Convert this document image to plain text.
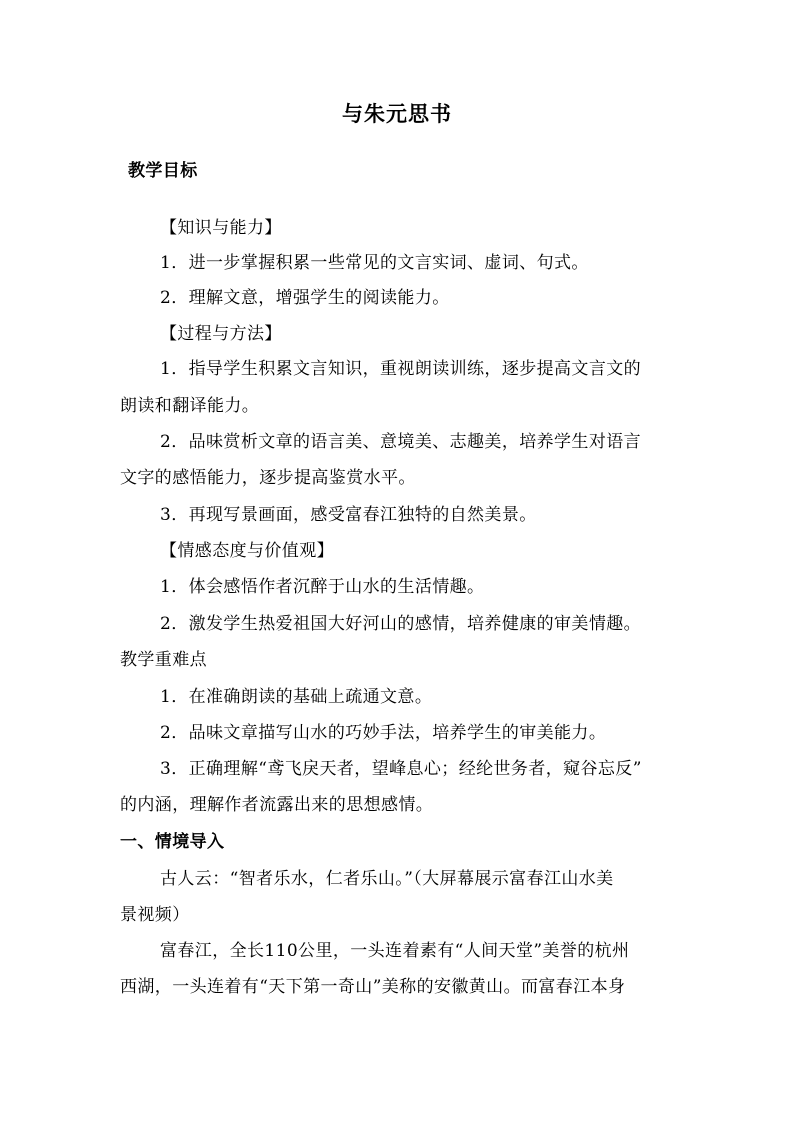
与朱元思书
教学目标
【知识与能力】
1．进一步掌握积累一些常见的文言实词、虚词、句式。
2．理解文意，增强学生的阅读能力。
【过程与方法】
1．指导学生积累文言知识，重视朗读训练，逐步提高文言文的
朗读和翻译能力。
2．品味赏析文章的语言美、意境美、志趣美，培养学生对语言
文字的感悟能力，逐步提高鉴赏水平。
3．再现写景画面，感受富春江独特的自然美景。
【情感态度与价值观】
1．体会感悟作者沉醉于山水的生活情趣。
2．激发学生热爱祖国大好河山的感情，培养健康的审美情趣。
教学重难点
1．在准确朗读的基础上疏通文意。
2．品味文章描写山水的巧妙手法，培养学生的审美能力。
3．正确理解“鸢飞戾天者，望峰息心；经纶世务者，窥谷忘反”
的内涵，理解作者流露出来的思想感情。
一、情境导入
古人云：“智者乐水，仁者乐山。”（大屏幕展示富春江山水美
景视频）
富春江，全长110公里，一头连着素有“人间天堂”美誉的杭州
西湖，一头连着有“天下第一奇山”美称的安徽黄山。而富春江本身
